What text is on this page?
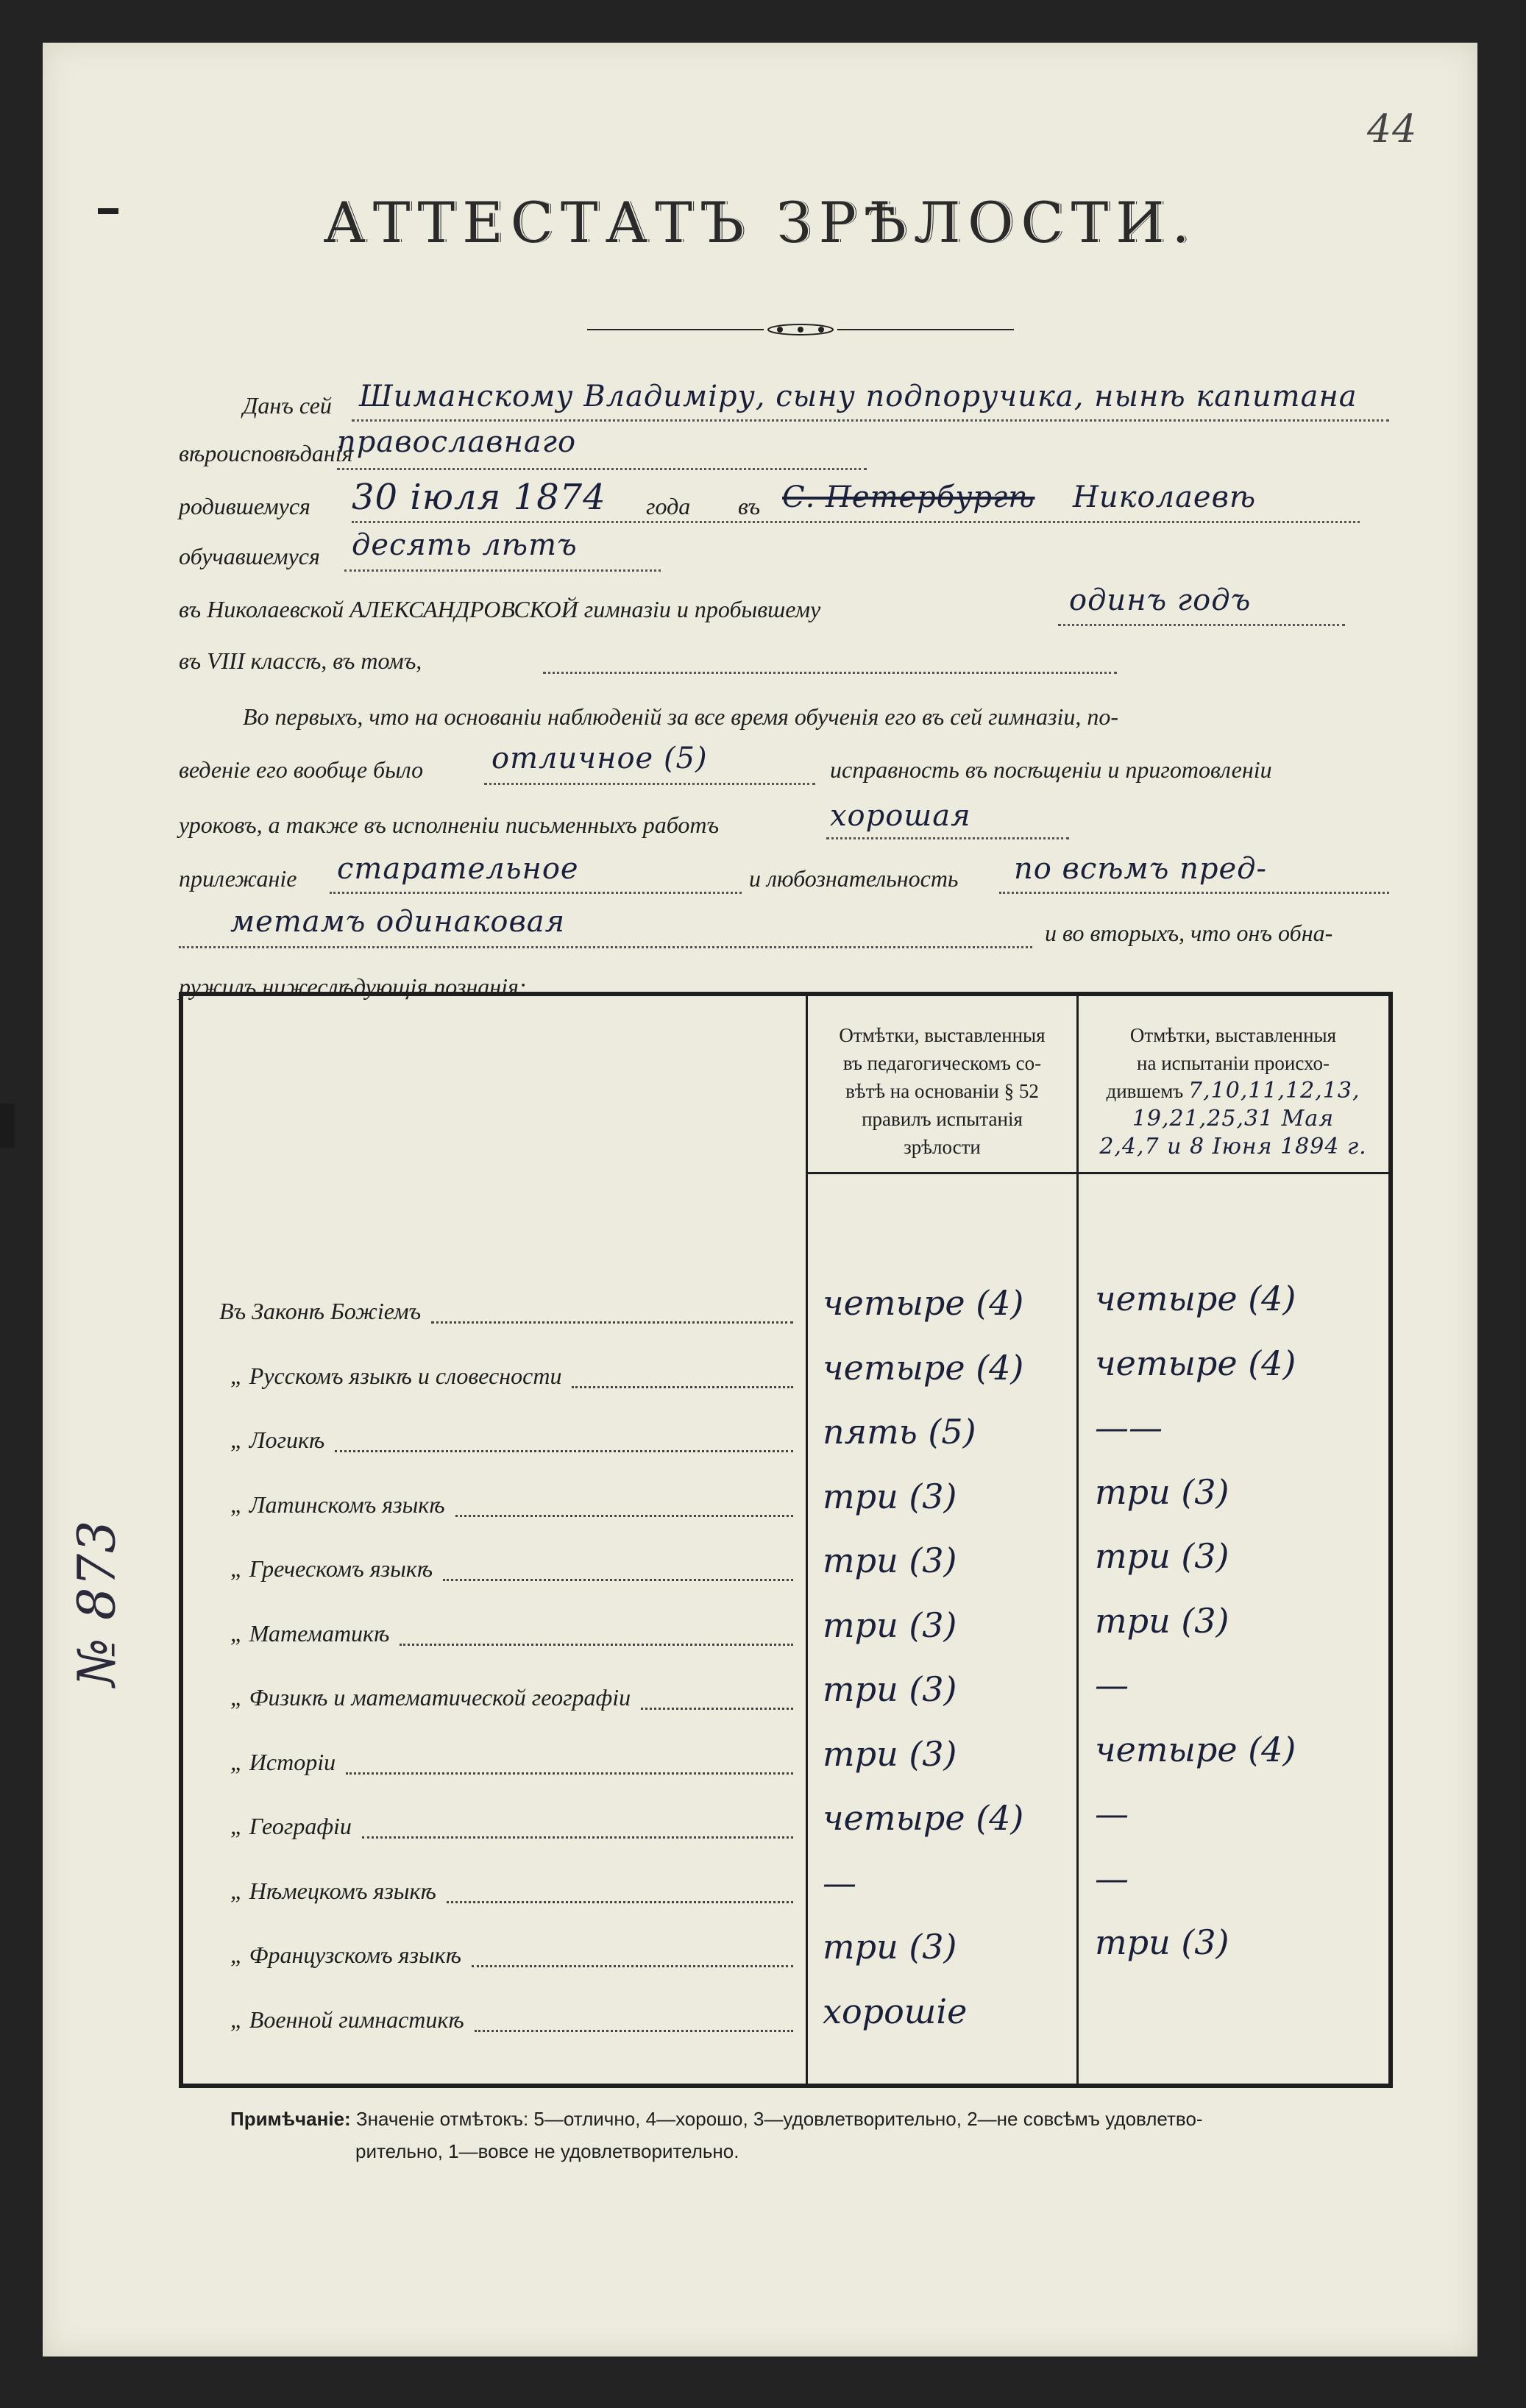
44
АТТЕСТАТЪ ЗРѢЛОСТИ.
Данъ сей Шиманскому Владиміру, сыну подпоручика, нынѣ капитана
вѣроисповѣданія
православнаго
родившемуся 30 іюля 1874 года въ С. Петербургѣ Николаевѣ
обучавшемуся десять лѣтъ
въ Николаевской АЛЕКСАНДРОВСКОЙ гимназіи и пробывшему	одинъ годъ
въ VIII классѣ, въ томъ,
Во первыхъ, что на основаніи наблюденій за все время обученія его въ сей гимназіи, по-
веденіе его вообще было отличное (5)	исправность въ посѣщеніи и приготовленіи
уроковъ, а также въ исполненіи письменныхъ работъ	хорошая
прилежаніе старательное	и любознательность по всѣмъ пред-
метамъ одинаковая	и во вторыхъ, что онъ обна-
ружилъ нижеслѣдующія познанія:
Отмѣтки, выставленныя
въ педагогическомъ со-
вѣтѣ на основаніи § 52
правилъ испытанія
зрѣлости
Отмѣтки, выставленныя
на испытаніи происхо-
дившемъ 7,10,11,12,13,
19,21,25,31 Мая
2,4,7 и 8 Іюня 1894 г.
Въ Законѣ Божіемъ	четыре (4) четыре (4)
„ Русскомъ языкѣ и словесности	четыре (4) четыре (4)
„ Логикѣ	пять (5)	——
„ Латинскомъ языкѣ	три (3)	три (3)
„ Греческомъ языкѣ	три (3)	три (3)
„ Математикѣ	три (3)	три (3)
„ Физикѣ и математической географіи	три (3)	—
„ Исторіи	три (3)	четыре (4)
„ Географіи	четыре (4) —
„ Нѣмецкомъ языкѣ	—	—
„ Французскомъ языкѣ	три (3)	три (3)
„ Военной гимнастикѣ	хорошіе
Примѣчаніе: Значеніе отмѣтокъ: 5—отлично, 4—хорошо, 3—удовлетворительно, 2—не совсѣмъ удовлетво-
рительно, 1—вовсе не удовлетворительно.
№ 873
